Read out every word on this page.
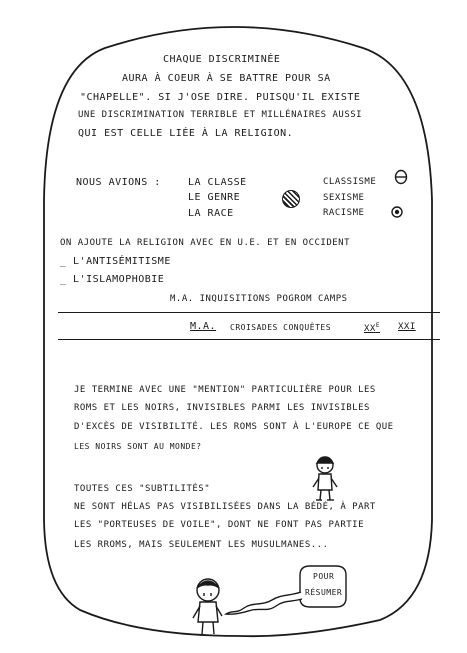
CHAQUE DISCRIMINÉE
AURA À COEUR À SE BATTRE POUR SA
"CHAPELLE". SI J'OSE DIRE. PUISQU'IL EXISTE
UNE DISCRIMINATION TERRIBLE ET MILLÉNAIRES AUSSI
QUI EST CELLE LIÉE À LA RELIGION.
NOUS AVIONS :	LA CLASSE
LE GENRE
LA RACE
CLASSISME
SEXISME
RACISME
ON AJOUTE LA RELIGION AVEC EN U.E. ET EN OCCIDENT
_ L'ANTISÉMITISME
_ L'ISLAMOPHOBIE
M.A. INQUISITIONS POGROM CAMPS
M.A. CROISADES CONQUÊTES	$XX^E$ XXI
JE TERMINE AVEC UNE "MENTION" PARTICULIÈRE POUR LES
ROMS ET LES NOIRS, INVISIBLES PARMI LES INVISIBLES
D'EXCÈS DE VISIBILITÉ. LES ROMS SONT À L'EUROPE CE QUE
LES NOIRS SONT AU MONDE?
TOUTES CES "SUBTILITÉS"
NE SONT HÉLAS PAS VISIBILISÉES DANS LA BÉDÉ, À PART
LES "PORTEUSES DE VOILE", DONT NE FONT PAS PARTIE
LES RROMS, MAIS SEULEMENT LES MUSULMANES...
POUR
RÉSUMER
